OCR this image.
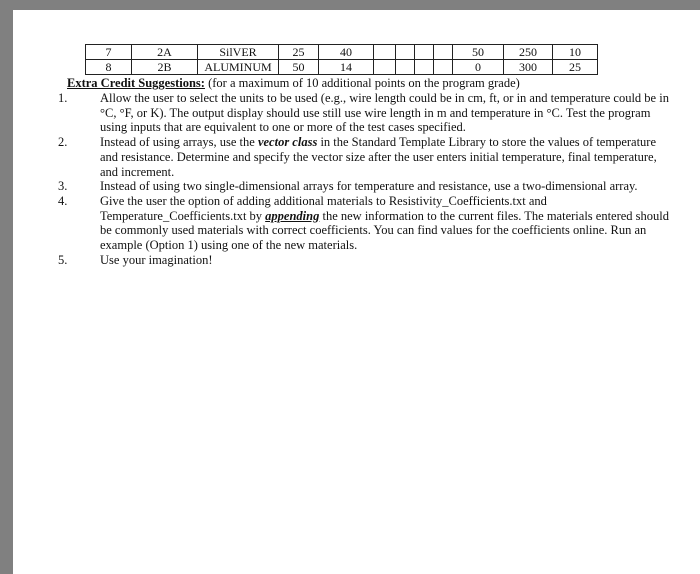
7	2A	SilVER	25	40					50	250	10
8	2B	ALUMINUM	50	14					0	300	25
Extra Credit Suggestions: (for a maximum of 10 additional points on the program grade)
1.	Allow the user to select the units to be used (e.g., wire length could be in cm, ft, or in and temperature could be in °C, °F, or K). The output display should use still use wire length in m and temperature in °C. Test the program using inputs that are equivalent to one or more of the test cases specified.
2.	Instead of using arrays, use the vector class in the Standard Template Library to store the values of temperature and resistance. Determine and specify the vector size after the user enters initial temperature, final temperature, and increment.
3.	Instead of using two single-dimensional arrays for temperature and resistance, use a two-dimensional array.
4.	Give the user the option of adding additional materials to Resistivity_Coefficients.txt and Temperature_Coefficients.txt by appending the new information to the current files. The materials entered should be commonly used materials with correct coefficients. You can find values for the coefficients online. Run an example (Option 1) using one of the new materials.
5.	Use your imagination!
